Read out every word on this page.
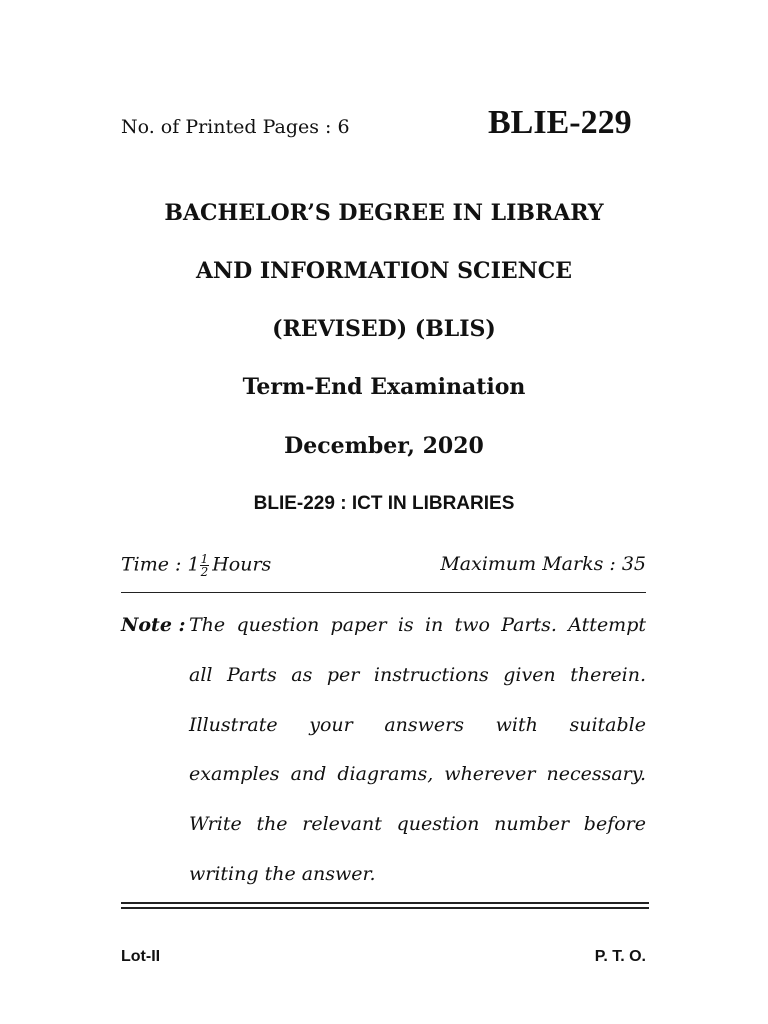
No. of Printed Pages : 6	BLIE-229
BACHELOR’S DEGREE IN LIBRARY
AND INFORMATION SCIENCE
(REVISED) (BLIS)
Term-End Examination
December, 2020
BLIE-229 : ICT IN LIBRARIES
Time : $1 \frac{1}{2}$ Hours	Maximum Marks : 35
Note : The question paper is in two Parts. Attempt
all Parts as per instructions given therein.
Illustrate your answers with suitable
examples and diagrams, wherever necessary.
Write the relevant question number before
writing the answer.
Lot-II	P. T. O.
